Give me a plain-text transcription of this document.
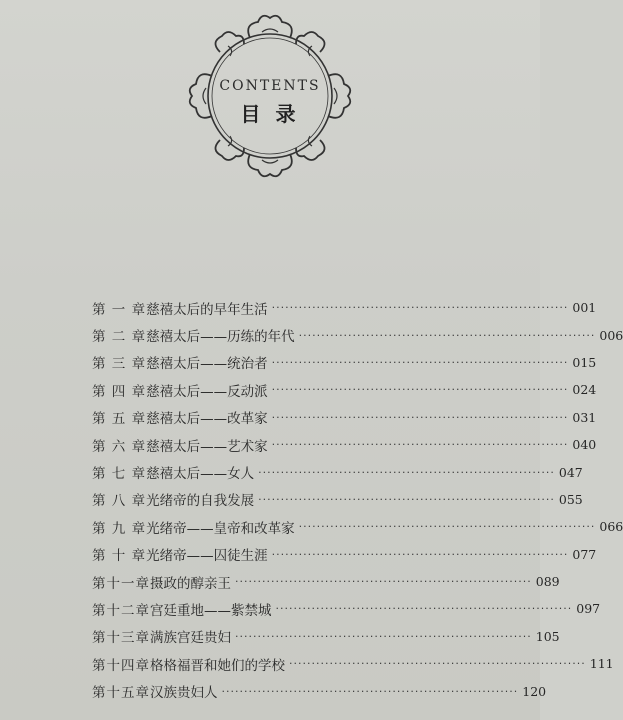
CONTENTS
目 录
第 一 章 慈禧太后的早年生活 ·································································· 001
第 二 章 慈禧太后——历练的年代 ·································································· 006
第 三 章 慈禧太后——统治者 ·································································· 015
第 四 章 慈禧太后——反动派 ·································································· 024
第 五 章 慈禧太后——改革家 ·································································· 031
第 六 章 慈禧太后——艺术家 ·································································· 040
第 七 章 慈禧太后——女人 ·································································· 047
第 八 章 光绪帝的自我发展 ·································································· 055
第 九 章 光绪帝——皇帝和改革家 ·································································· 066
第 十 章 光绪帝——囚徒生涯 ·································································· 077
第十一章 摄政的醇亲王 ·································································· 089
第十二章 宫廷重地——紫禁城 ·································································· 097
第十三章 满族宫廷贵妇 ·································································· 105
第十四章 格格福晋和她们的学校 ·································································· 111
第十五章 汉族贵妇人 ·································································· 120
